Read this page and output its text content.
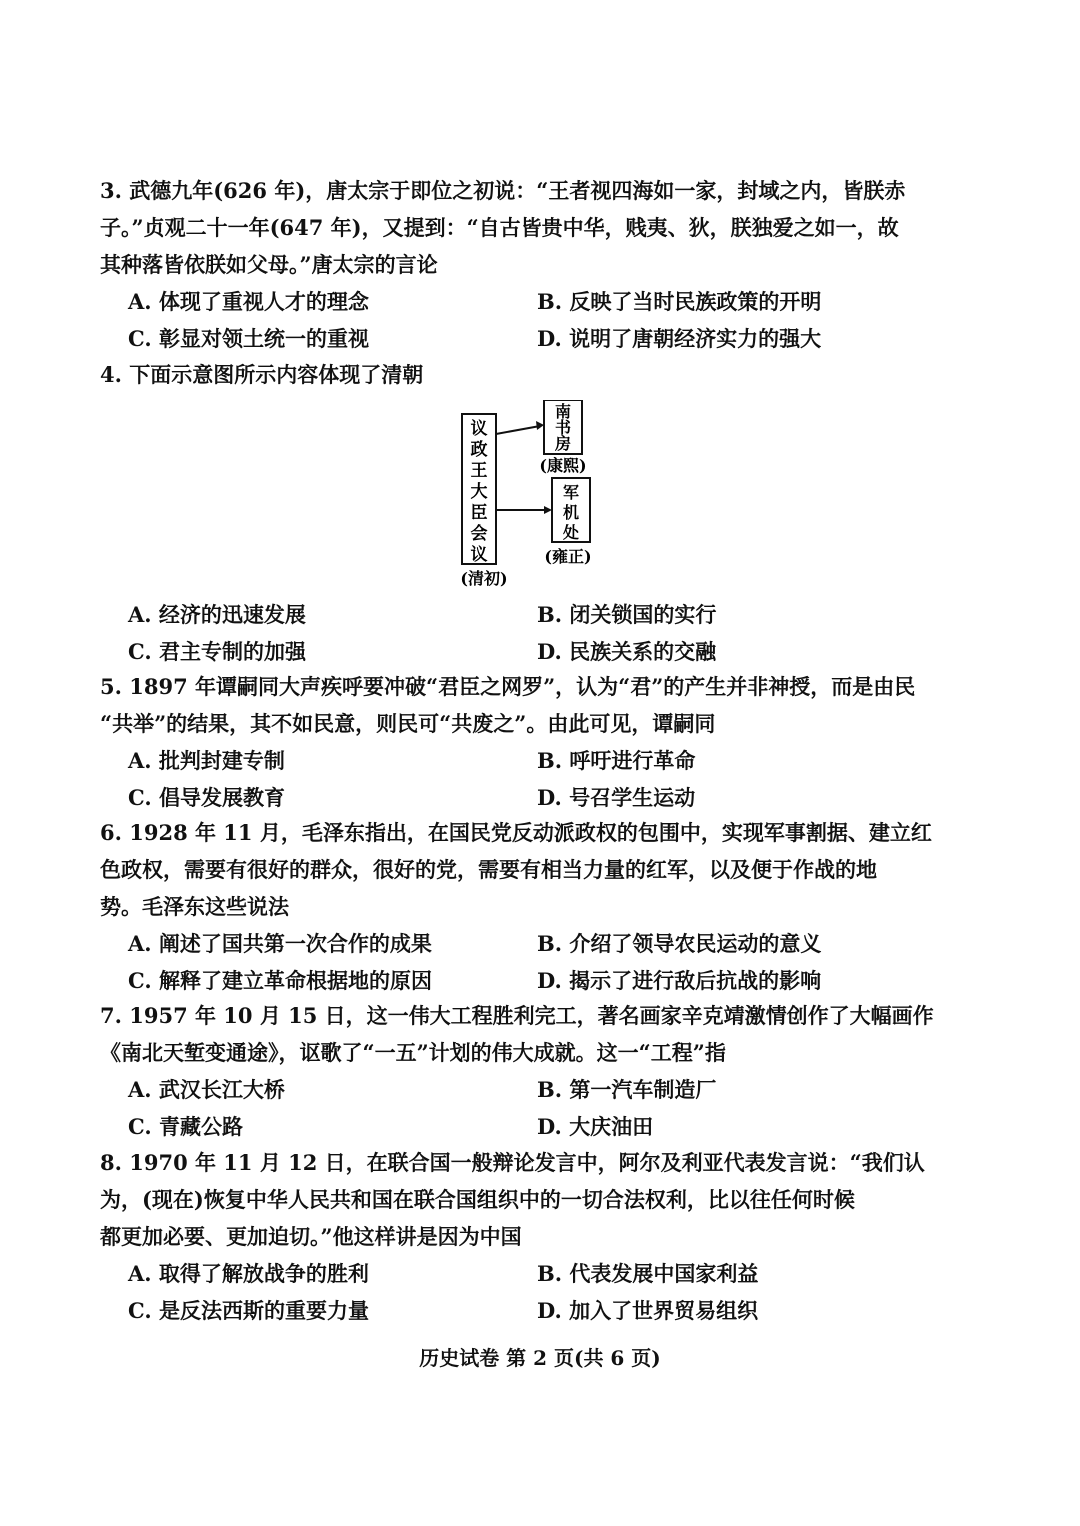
3. 武德九年(626 年)，唐太宗于即位之初说：“王者视四海如一家，封域之内，皆朕赤
子。”贞观二十一年(647 年)，又提到：“自古皆贵中华，贱夷、狄，朕独爱之如一，故
其种落皆依朕如父母。”唐太宗的言论
A. 体现了重视人才的理念	B. 反映了当时民族政策的开明
C. 彰显对领土统一的重视	D. 说明了唐朝经济实力的强大
4. 下面示意图所示内容体现了清朝
议
政
王
大
臣
会
议
(清初)
南
书
房
(康熙)
军
机
处
(雍正)
A. 经济的迅速发展	B. 闭关锁国的实行
C. 君主专制的加强	D. 民族关系的交融
5. 1897 年谭嗣同大声疾呼要冲破“君臣之网罗”，认为“君”的产生并非神授，而是由民
“共举”的结果，其不如民意，则民可“共废之”。由此可见，谭嗣同
A. 批判封建专制	B. 呼吁进行革命
C. 倡导发展教育	D. 号召学生运动
6. 1928 年 11 月，毛泽东指出，在国民党反动派政权的包围中，实现军事割据、建立红
色政权，需要有很好的群众，很好的党，需要有相当力量的红军，以及便于作战的地
势。毛泽东这些说法
A. 阐述了国共第一次合作的成果	B. 介绍了领导农民运动的意义
C. 解释了建立革命根据地的原因	D. 揭示了进行敌后抗战的影响
7. 1957 年 10 月 15 日，这一伟大工程胜利完工，著名画家辛克靖激情创作了大幅画作
《南北天堑变通途》，讴歌了“一五”计划的伟大成就。这一“工程”指
A. 武汉长江大桥	B. 第一汽车制造厂
C. 青藏公路	D. 大庆油田
8. 1970 年 11 月 12 日，在联合国一般辩论发言中，阿尔及利亚代表发言说：“我们认
为，(现在)恢复中华人民共和国在联合国组织中的一切合法权利，比以往任何时候
都更加必要、更加迫切。”他这样讲是因为中国
A. 取得了解放战争的胜利	B. 代表发展中国家利益
C. 是反法西斯的重要力量	D. 加入了世界贸易组织
历史试卷 第 2 页(共 6 页)
